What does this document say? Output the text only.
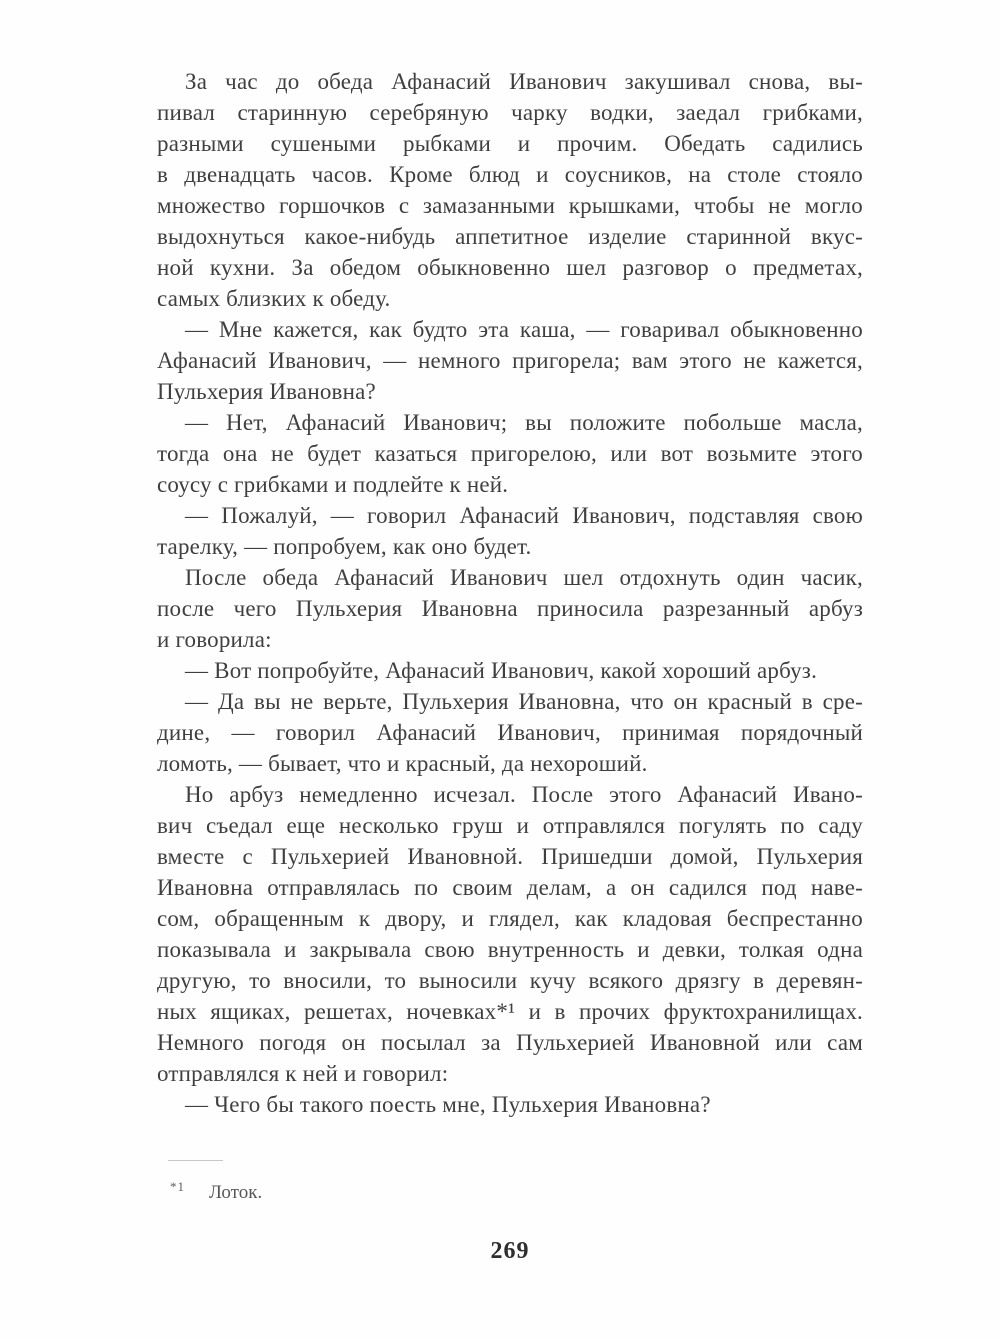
За час до обеда Афанасий Иванович закушивал снова, вы-
пивал старинную серебряную чарку водки, заедал грибками,
разными сушеными рыбками и прочим. Обедать садились
в двенадцать часов. Кроме блюд и соусников, на столе стояло
множество горшочков с замазанными крышками, чтобы не могло
выдохнуться какое-нибудь аппетитное изделие старинной вкус-
ной кухни. За обедом обыкновенно шел разговор о предметах,
самых близких к обеду.
— Мне кажется, как будто эта каша, — говаривал обыкновенно
Афанасий Иванович, — немного пригорела; вам этого не кажется,
Пульхерия Ивановна?
— Нет, Афанасий Иванович; вы положите побольше масла,
тогда она не будет казаться пригорелою, или вот возьмите этого
соусу с грибками и подлейте к ней.
— Пожалуй, — говорил Афанасий Иванович, подставляя свою
тарелку, — попробуем, как оно будет.
После обеда Афанасий Иванович шел отдохнуть один часик,
после чего Пульхерия Ивановна приносила разрезанный арбуз
и говорила:
— Вот попробуйте, Афанасий Иванович, какой хороший арбуз.
— Да вы не верьте, Пульхерия Ивановна, что он красный в сре-
дине, — говорил Афанасий Иванович, принимая порядочный
ломоть, — бывает, что и красный, да нехороший.
Но арбуз немедленно исчезал. После этого Афанасий Ивано-
вич съедал еще несколько груш и отправлялся погулять по саду
вместе с Пульхерией Ивановной. Пришедши домой, Пульхерия
Ивановна отправлялась по своим делам, а он садился под наве-
сом, обращенным к двору, и глядел, как кладовая беспрестанно
показывала и закрывала свою внутренность и девки, толкая одна
другую, то вносили, то выносили кучу всякого дрязгу в деревян-
ных ящиках, решетах, ночевках*¹ и в прочих фруктохранилищах.
Немного погодя он посылал за Пульхерией Ивановной или сам
отправлялся к ней и говорил:
— Чего бы такого поесть мне, Пульхерия Ивановна?
$^{*1}$ Лоток.
269
